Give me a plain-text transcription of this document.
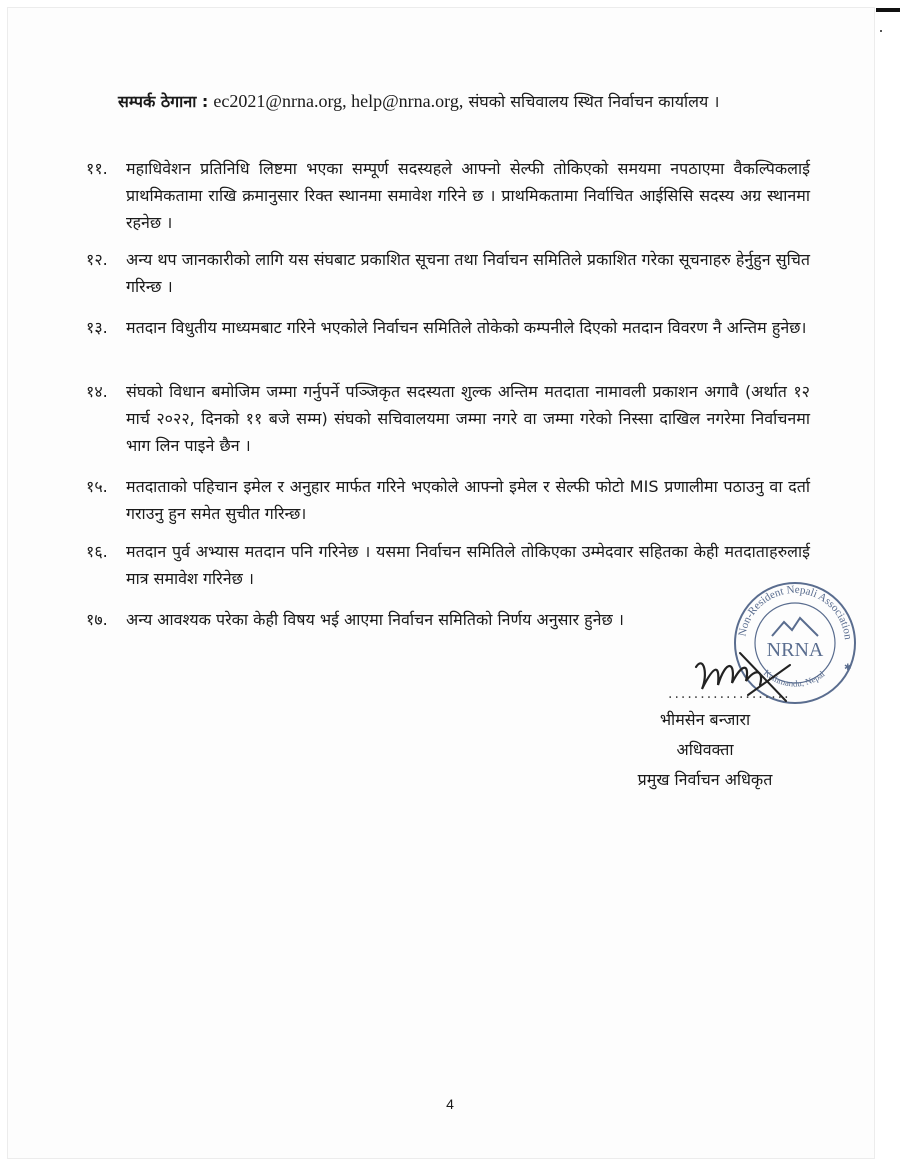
सम्पर्क ठेगाना : ec2021@nrna.org, help@nrna.org, संघको सचिवालय स्थित निर्वाचन कार्यालय ।
११.	महाधिवेशन प्रतिनिधि लिष्टमा भएका सम्पूर्ण सदस्यहले आफ्नो सेल्फी तोकिएको समयमा नपठाएमा वैकल्पिकलाई प्राथमिकतामा राखि क्रमानुसार रिक्त स्थानमा समावेश गरिने छ । प्राथमिकतामा निर्वाचित आईसिसि सदस्य अग्र स्थानमा रहनेछ ।
१२.	अन्य थप जानकारीको लागि यस संघबाट प्रकाशित सूचना तथा निर्वाचन समितिले प्रकाशित गरेका सूचनाहरु हेर्नुहुन सुचित गरिन्छ ।
१३.	मतदान विधुतीय माध्यमबाट गरिने भएकोले निर्वाचन समितिले तोकेको कम्पनीले दिएको मतदान विवरण नै अन्तिम हुनेछ।
१४.	संघको विधान बमोजिम जम्मा गर्नुपर्ने पञ्जिकृत सदस्यता शुल्क अन्तिम मतदाता नामावली प्रकाशन अगावै (अर्थात १२ मार्च २०२२, दिनको ११ बजे सम्म) संघको सचिवालयमा जम्मा नगरे वा जम्मा गरेको निस्सा दाखिल नगरेमा निर्वाचनमा भाग लिन पाइने छैन ।
१५.	मतदाताको पहिचान इमेल र अनुहार मार्फत गरिने भएकोले आफ्नो इमेल र सेल्फी फोटो MIS प्रणालीमा पठाउनु वा दर्ता गराउनु हुन समेत सुचीत गरिन्छ।
१६.	मतदान पुर्व अभ्यास मतदान पनि गरिनेछ । यसमा निर्वाचन समितिले तोकिएका उम्मेदवार सहितका केही मतदाताहरुलाई मात्र समावेश गरिनेछ ।
१७.	अन्य आवश्यक परेका केही विषय भई आएमा निर्वाचन समितिको निर्णय अनुसार हुनेछ ।
Non-Resident Nepali Association
NRNA
Kathmandu, Nepal
✱
...................
भीमसेन बन्जारा
अधिवक्ता
प्रमुख निर्वाचन अधिकृत
4
